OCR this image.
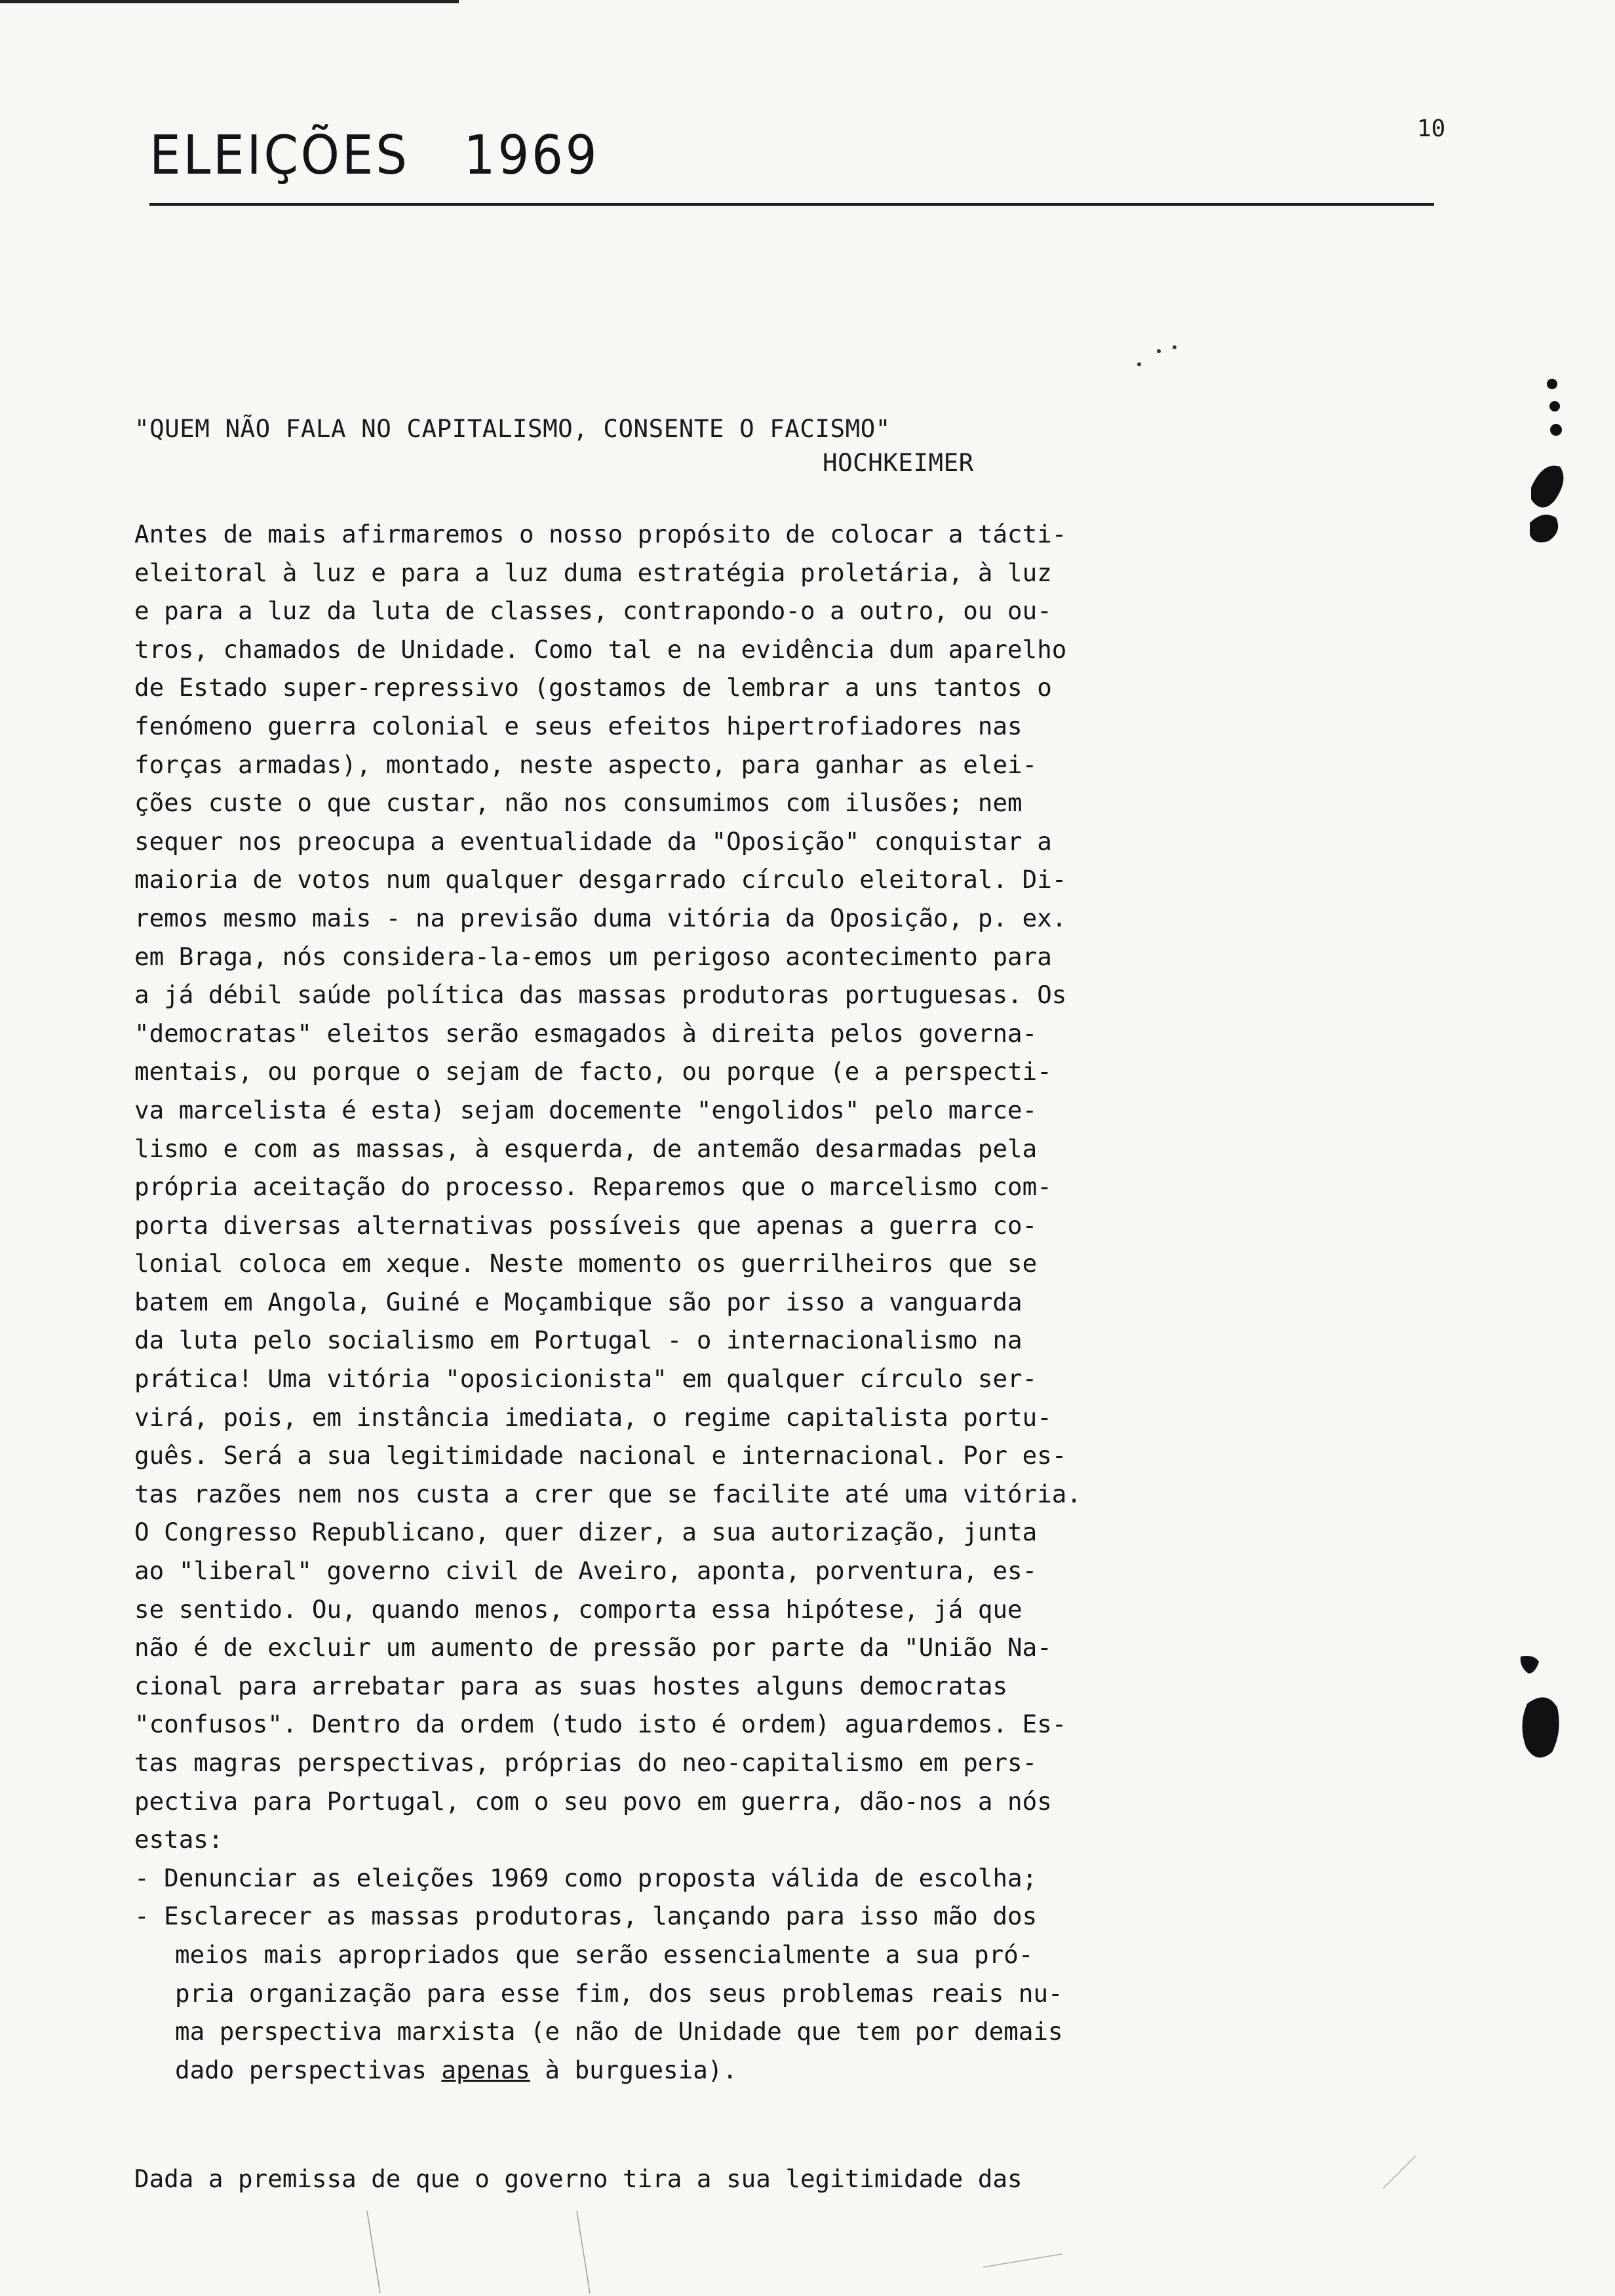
ELEIÇÕES   1969	10
"QUEM NÃO FALA NO CAPITALISMO, CONSENTE O FACISMO"
HOCHKEIMER
Antes de mais afirmaremos o nosso propósito de colocar a tácti-
eleitoral à luz e para a luz duma estratégia proletária, à luz
e para a luz da luta de classes, contrapondo-o a outro, ou ou-
tros, chamados de Unidade. Como tal e na evidência dum aparelho
de Estado super-repressivo (gostamos de lembrar a uns tantos o
fenómeno guerra colonial e seus efeitos hipertrofiadores nas
forças armadas), montado, neste aspecto, para ganhar as elei-
ções custe o que custar, não nos consumimos com ilusões; nem
sequer nos preocupa a eventualidade da "Oposição" conquistar a
maioria de votos num qualquer desgarrado círculo eleitoral. Di-
remos mesmo mais - na previsão duma vitória da Oposição, p. ex.
em Braga, nós considera-la-emos um perigoso acontecimento para
a já débil saúde política das massas produtoras portuguesas. Os
"democratas" eleitos serão esmagados à direita pelos governa-
mentais, ou porque o sejam de facto, ou porque (e a perspecti-
va marcelista é esta) sejam docemente "engolidos" pelo marce-
lismo e com as massas, à esquerda, de antemão desarmadas pela
própria aceitação do processo. Reparemos que o marcelismo com-
porta diversas alternativas possíveis que apenas a guerra co-
lonial coloca em xeque. Neste momento os guerrilheiros que se
batem em Angola, Guiné e Moçambique são por isso a vanguarda
da luta pelo socialismo em Portugal - o internacionalismo na
prática! Uma vitória "oposicionista" em qualquer círculo ser-
virá, pois, em instância imediata, o regime capitalista portu-
guês. Será a sua legitimidade nacional e internacional. Por es-
tas razões nem nos custa a crer que se facilite até uma vitória.
O Congresso Republicano, quer dizer, a sua autorização, junta
ao "liberal" governo civil de Aveiro, aponta, porventura, es-
se sentido. Ou, quando menos, comporta essa hipótese, já que
não é de excluir um aumento de pressão por parte da "União Na-
cional para arrebatar para as suas hostes alguns democratas
"confusos". Dentro da ordem (tudo isto é ordem) aguardemos. Es-
tas magras perspectivas, próprias do neo-capitalismo em pers-
pectiva para Portugal, com o seu povo em guerra, dão-nos a nós
estas:
- Denunciar as eleições 1969 como proposta válida de escolha;
- Esclarecer as massas produtoras, lançando para isso mão dos
meios mais apropriados que serão essencialmente a sua pró-
pria organização para esse fim, dos seus problemas reais nu-
ma perspectiva marxista (e não de Unidade que tem por demais
dado perspectivas apenas à burguesia).
Dada a premissa de que o governo tira a sua legitimidade das
